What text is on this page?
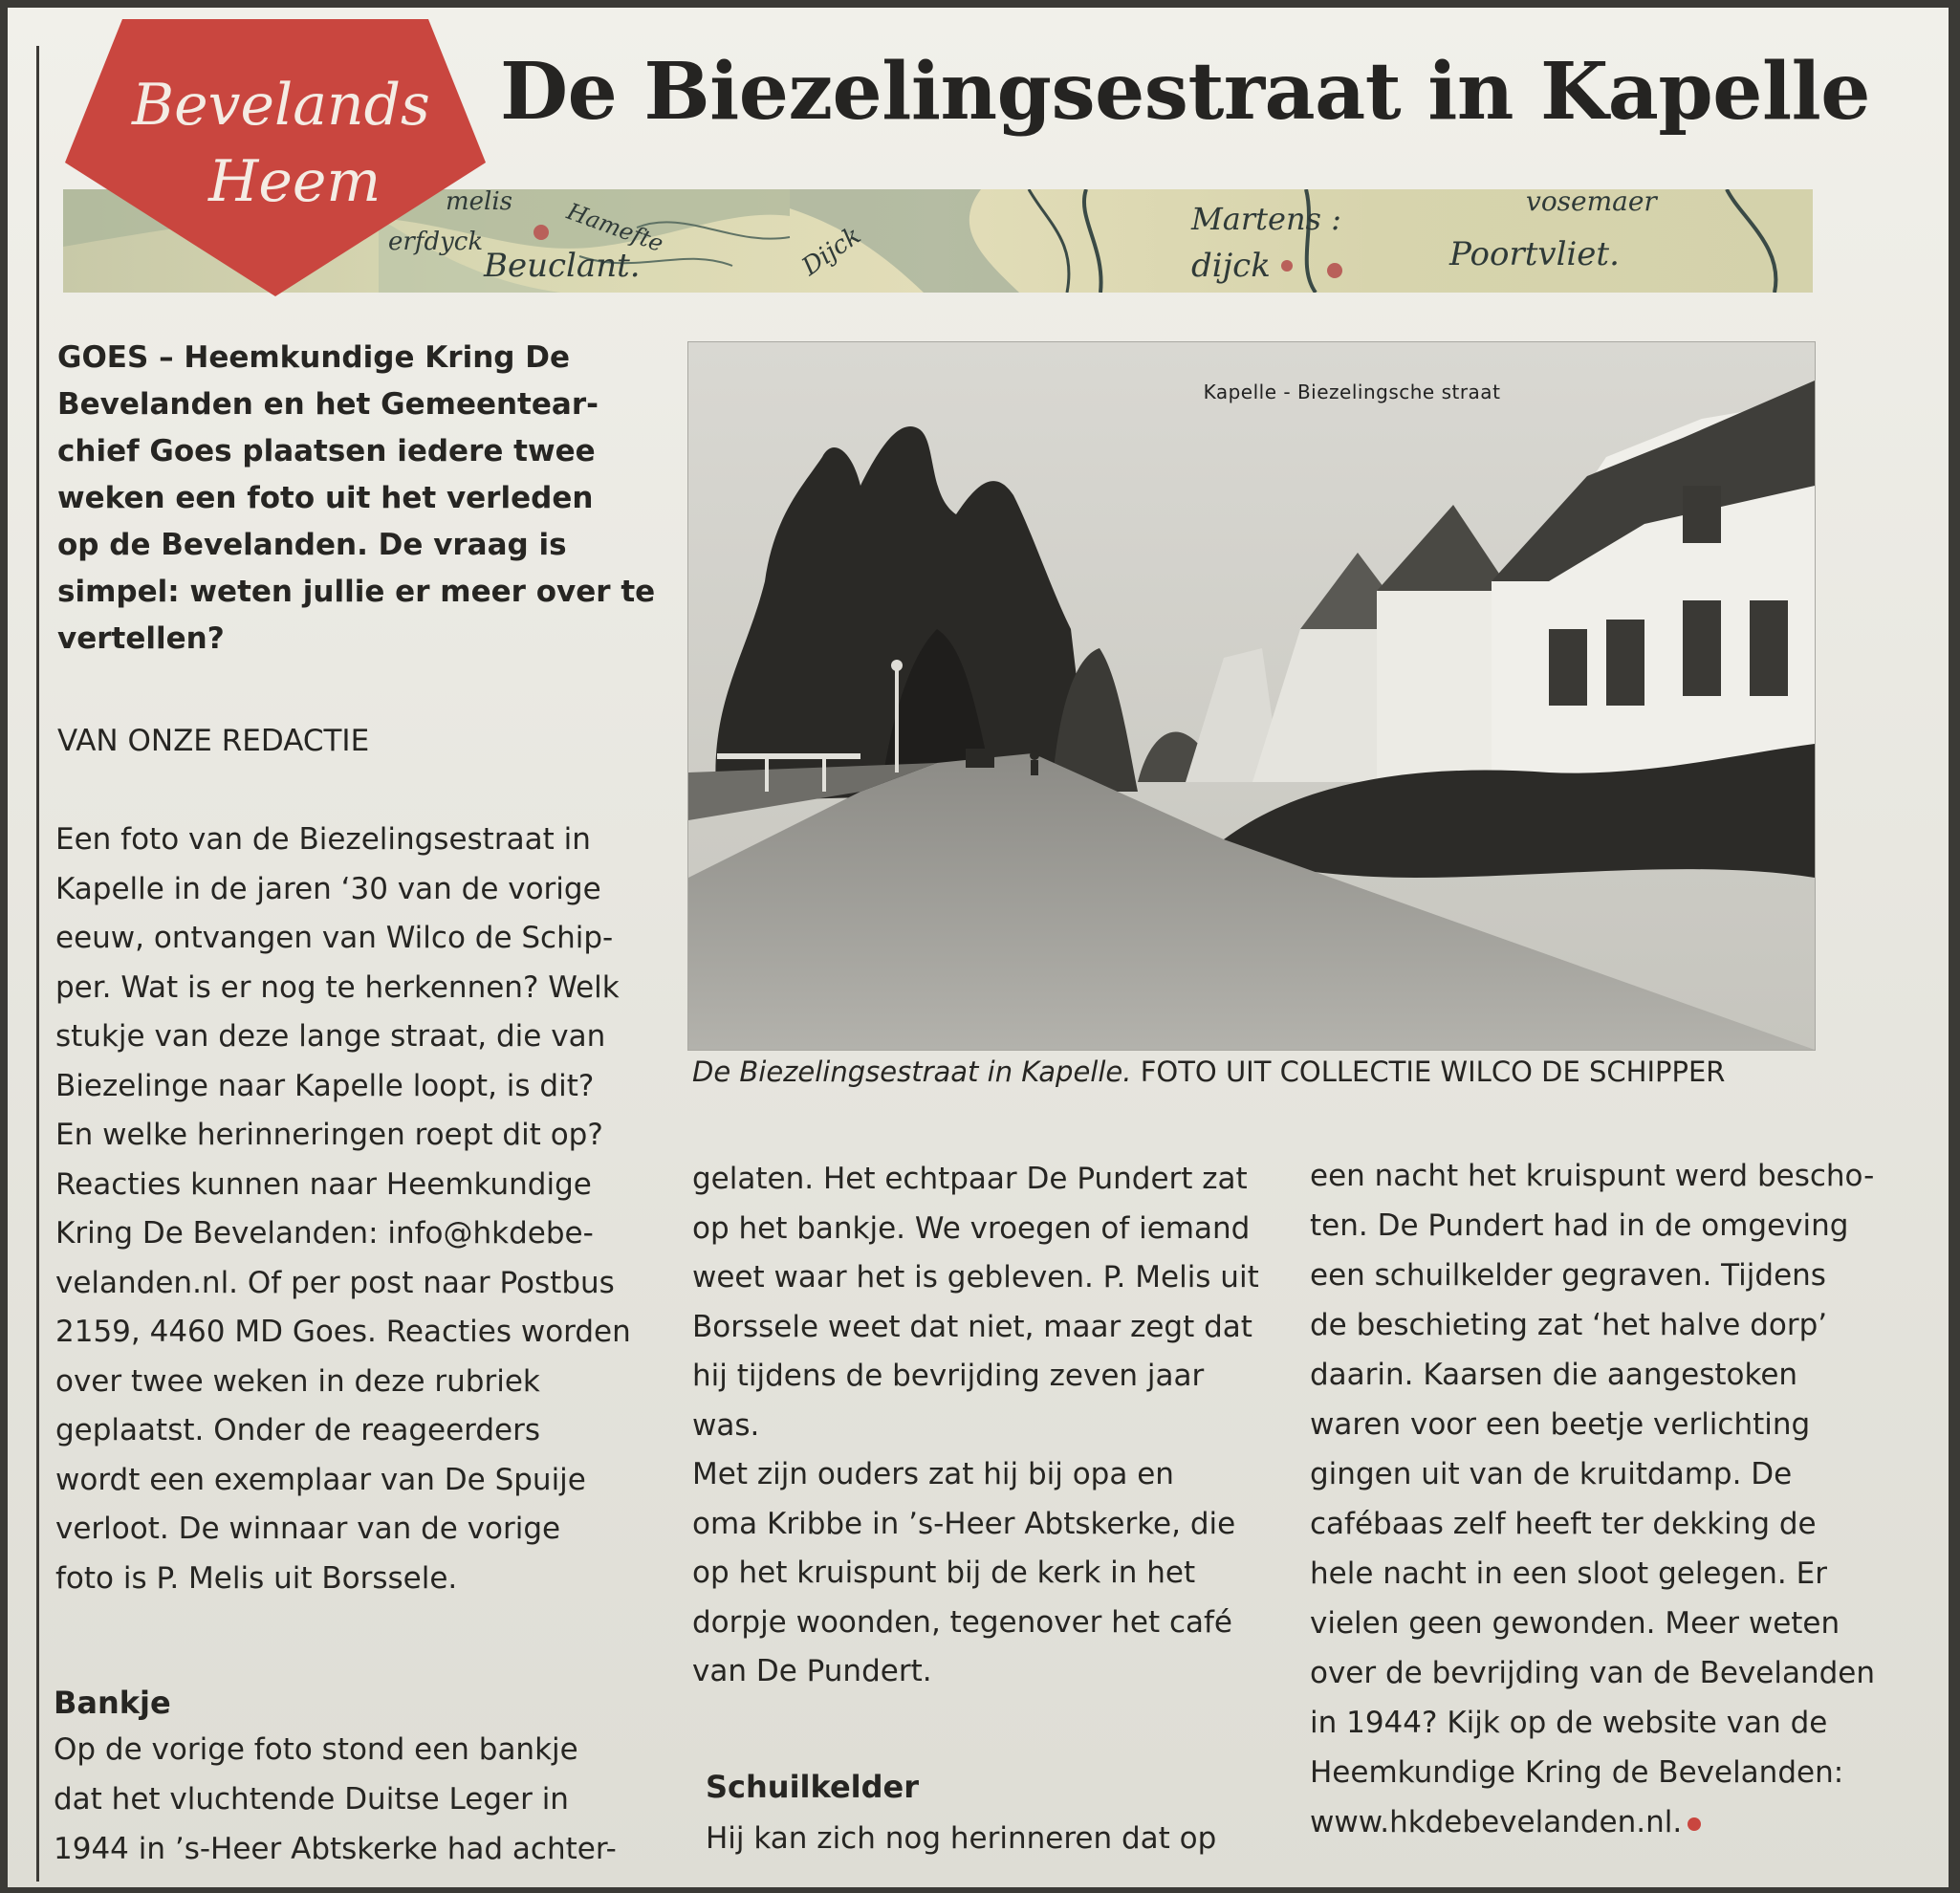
melis Hamefte
erfdyck
Beuclant.	Dijck
Martens :
dijck
vosemaer
Poortvliet.
Bevelands
Heem
De Biezelingsestraat in Kapelle

GOES – Heemkundige Kring De

Bevelanden en het Gemeentear-

chief Goes plaatsen iedere twee

weken een foto uit het verleden

op de Bevelanden. De vraag is

simpel: weten jullie er meer over te

vertellen?

VAN ONZE REDACTIE

Een foto van de Biezelingsestraat in

Kapelle in de jaren ‘30 van de vorige

eeuw, ontvangen van Wilco de Schip-

per. Wat is er nog te herkennen? Welk

stukje van deze lange straat, die van

Biezelinge naar Kapelle loopt, is dit?

En welke herinneringen roept dit op?

Reacties kunnen naar Heemkundige

Kring De Bevelanden: info@hkdebe-

velanden.nl. Of per post naar Postbus

2159, 4460 MD Goes. Reacties worden

over twee weken in deze rubriek

geplaatst. Onder de reageerders

wordt een exemplaar van De Spuije

verloot. De winnaar van de vorige

foto is P. Melis uit Borssele.

Bankje

Op de vorige foto stond een bankje

dat het vluchtende Duitse Leger in

1944 in ’s-Heer Abtskerke had achter-

Kapelle - Biezelingsche straat
De Biezelingsestraat in Kapelle. FOTO UIT COLLECTIE WILCO DE SCHIPPER

gelaten. Het echtpaar De Pundert zat

op het bankje. We vroegen of iemand

weet waar het is gebleven. P. Melis uit

Borssele weet dat niet, maar zegt dat

hij tijdens de bevrijding zeven jaar

was.

Met zijn ouders zat hij bij opa en

oma Kribbe in ’s-Heer Abtskerke, die

op het kruispunt bij de kerk in het

dorpje woonden, tegenover het café

van De Pundert.

Schuilkelder

Hij kan zich nog herinneren dat op

een nacht het kruispunt werd bescho-

ten. De Pundert had in de omgeving

een schuilkelder gegraven. Tijdens

de beschieting zat ‘het halve dorp’

daarin. Kaarsen die aangestoken

waren voor een beetje verlichting

gingen uit van de kruitdamp. De

cafébaas zelf heeft ter dekking de

hele nacht in een sloot gelegen. Er

vielen geen gewonden. Meer weten

over de bevrijding van de Bevelanden

in 1944? Kijk op de website van de

Heemkundige Kring de Bevelanden:

www.hkdebevelanden.nl.
